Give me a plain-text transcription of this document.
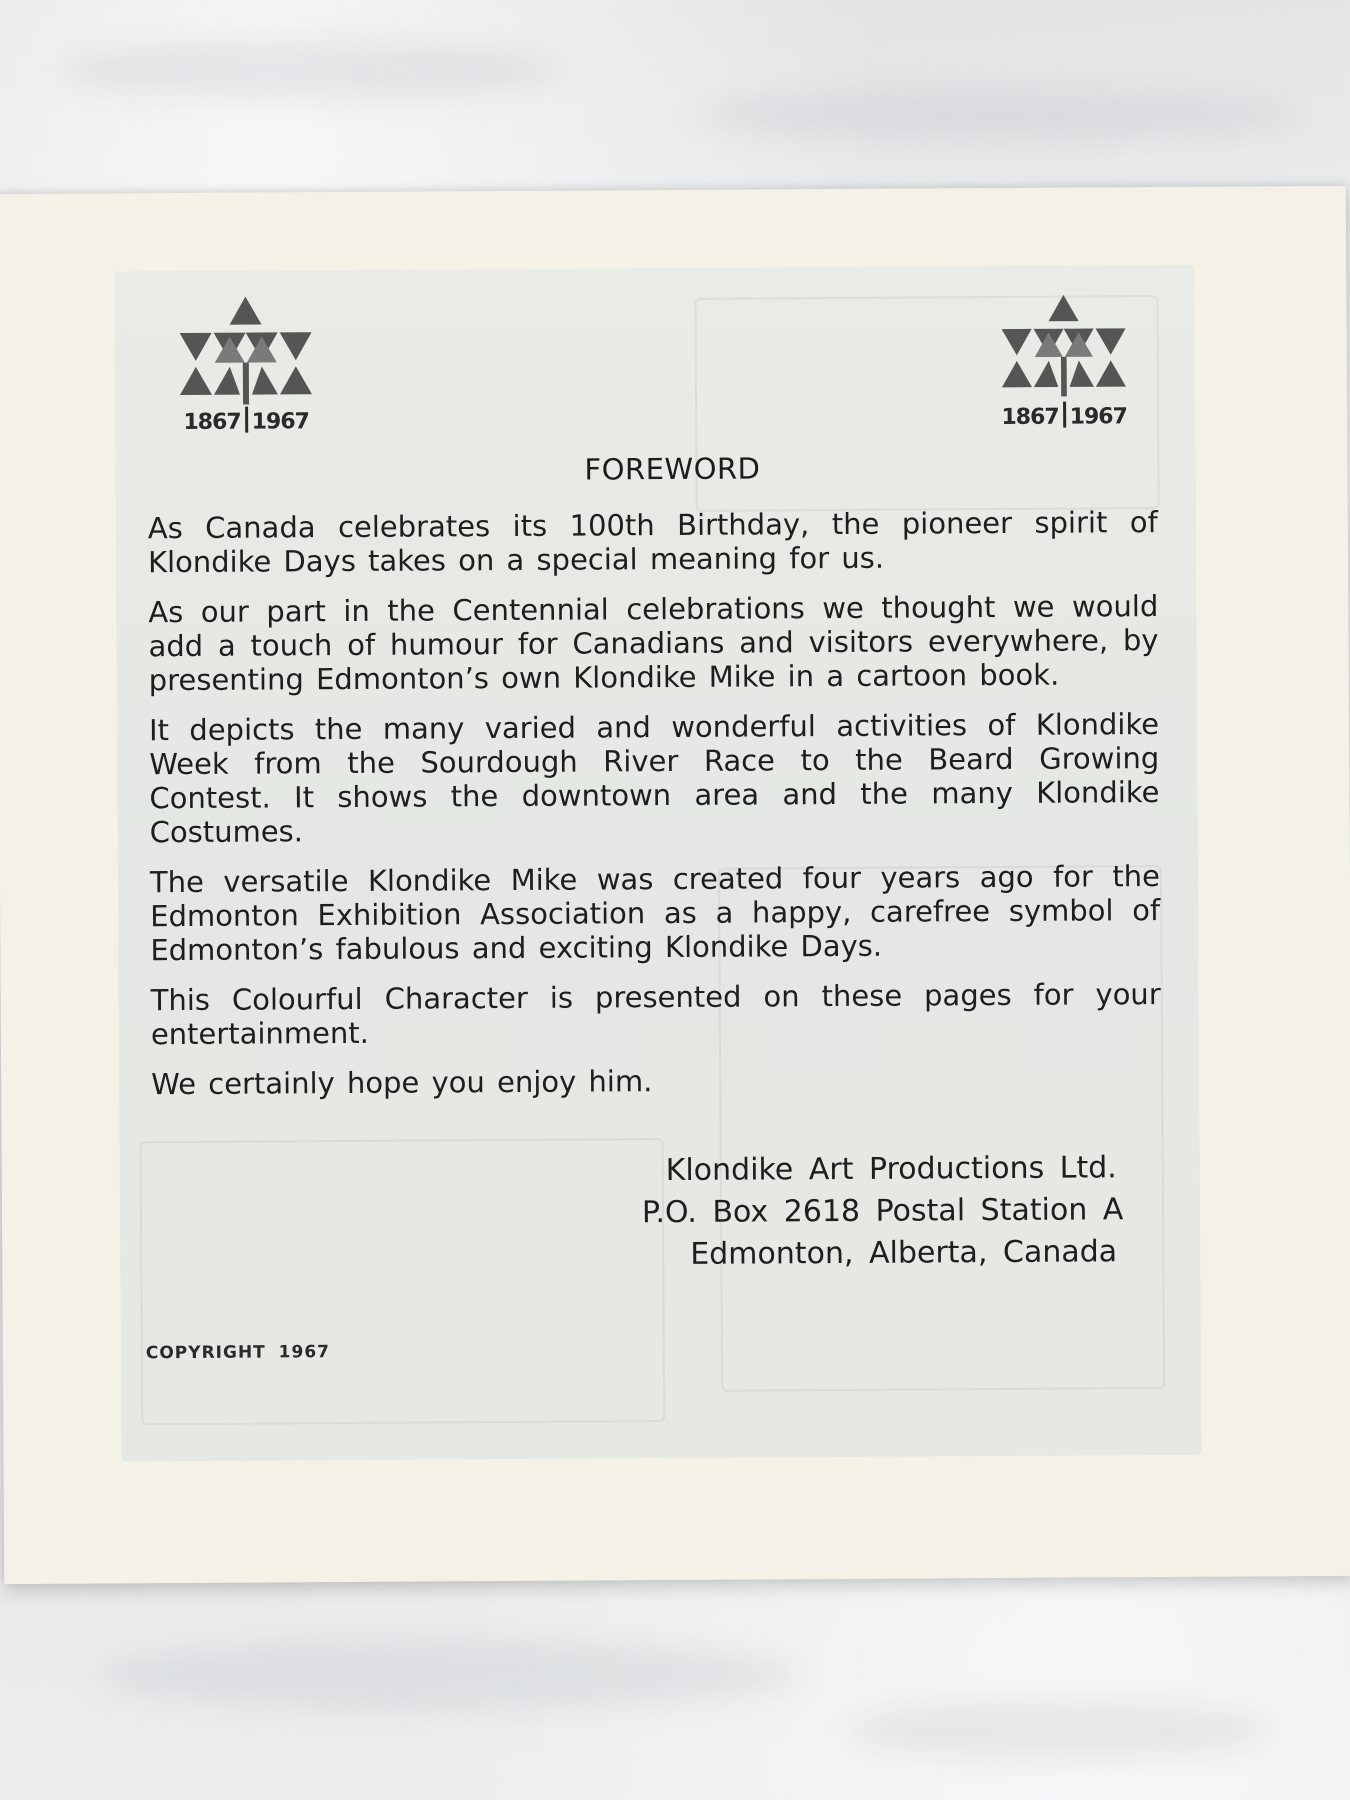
1867 1967	1867 1967
FOREWORD

As Canada celebrates its 100th Birthday, the pioneer spirit of Klondike Days takes on a special meaning for us.

As our part in the Centennial celebrations we thought we would add a touch of humour for Canadians and visitors everywhere, by presenting Edmonton’s own Klondike Mike in a cartoon book.

It depicts the many varied and wonderful activities of Klondike Week from the Sourdough River Race to the Beard Growing Contest. It shows the downtown area and the many Klondike Costumes.

The versatile Klondike Mike was created four years ago for the Edmonton Exhibition Association as a happy, carefree symbol of Edmonton’s fabulous and exciting Klondike Days.

This Colourful Character is presented on these pages for your entertainment.

We certainly hope you enjoy him.

Klondike Art Productions Ltd.
P.O. Box 2618 Postal Station A
Edmonton, Alberta, Canada
COPYRIGHT 1967
